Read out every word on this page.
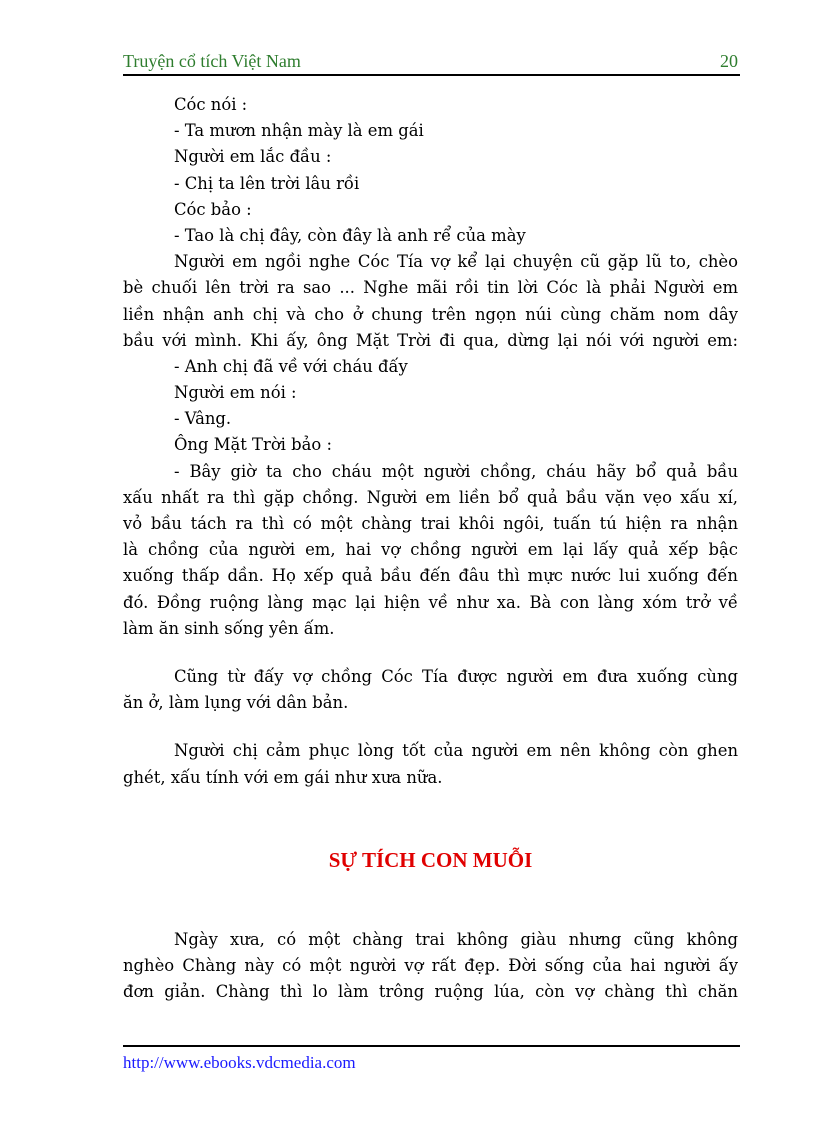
Truyện cổ tích Việt Nam	20
Cóc nói :
- Ta mươn nhận mày là em gái
Người em lắc đầu :
- Chị ta lên trời lâu rồi
Cóc bảo :
- Tao là chị đây, còn đây là anh rể của mày
Người em ngồi nghe Cóc Tía vợ kể lại chuyện cũ gặp lũ to, chèo
bè chuối lên trời ra sao ... Nghe mãi rồi tin lời Cóc là phải Người em
liền nhận anh chị và cho ở chung trên ngọn núi cùng chăm nom dây
bầu với mình. Khi ấy, ông Mặt Trời đi qua, dừng lại nói với người em:
- Anh chị đã về với cháu đấy
Người em nói :
- Vâng.
Ông Mặt Trời bảo :
- Bây giờ ta cho cháu một người chồng, cháu hãy bổ quả bầu
xấu nhất ra thì gặp chồng. Người em liền bổ quả bầu vặn vẹo xấu xí,
vỏ bầu tách ra thì có một chàng trai khôi ngôi, tuấn tú hiện ra nhận
là chồng của người em, hai vợ chồng người em lại lấy quả xếp bậc
xuống thấp dần. Họ xếp quả bầu đến đâu thì mực nước lui xuống đến
đó. Đồng ruộng làng mạc lại hiện về như xa. Bà con làng xóm trở về
làm ăn sinh sống yên ấm.
Cũng từ đấy vợ chồng Cóc Tía được người em đưa xuống cùng
ăn ở, làm lụng với dân bản.
Người chị cảm phục lòng tốt của người em nên không còn ghen
ghét, xấu tính với em gái như xưa nữa.
SỰ TÍCH CON MUỖI
Ngày xưa, có một chàng trai không giàu nhưng cũng không
nghèo Chàng này có một người vợ rất đẹp. Đời sống của hai người ấy
đơn giản. Chàng thì lo làm trông ruộng lúa, còn vợ chàng thì chăn
http://www.ebooks.vdcmedia.com
